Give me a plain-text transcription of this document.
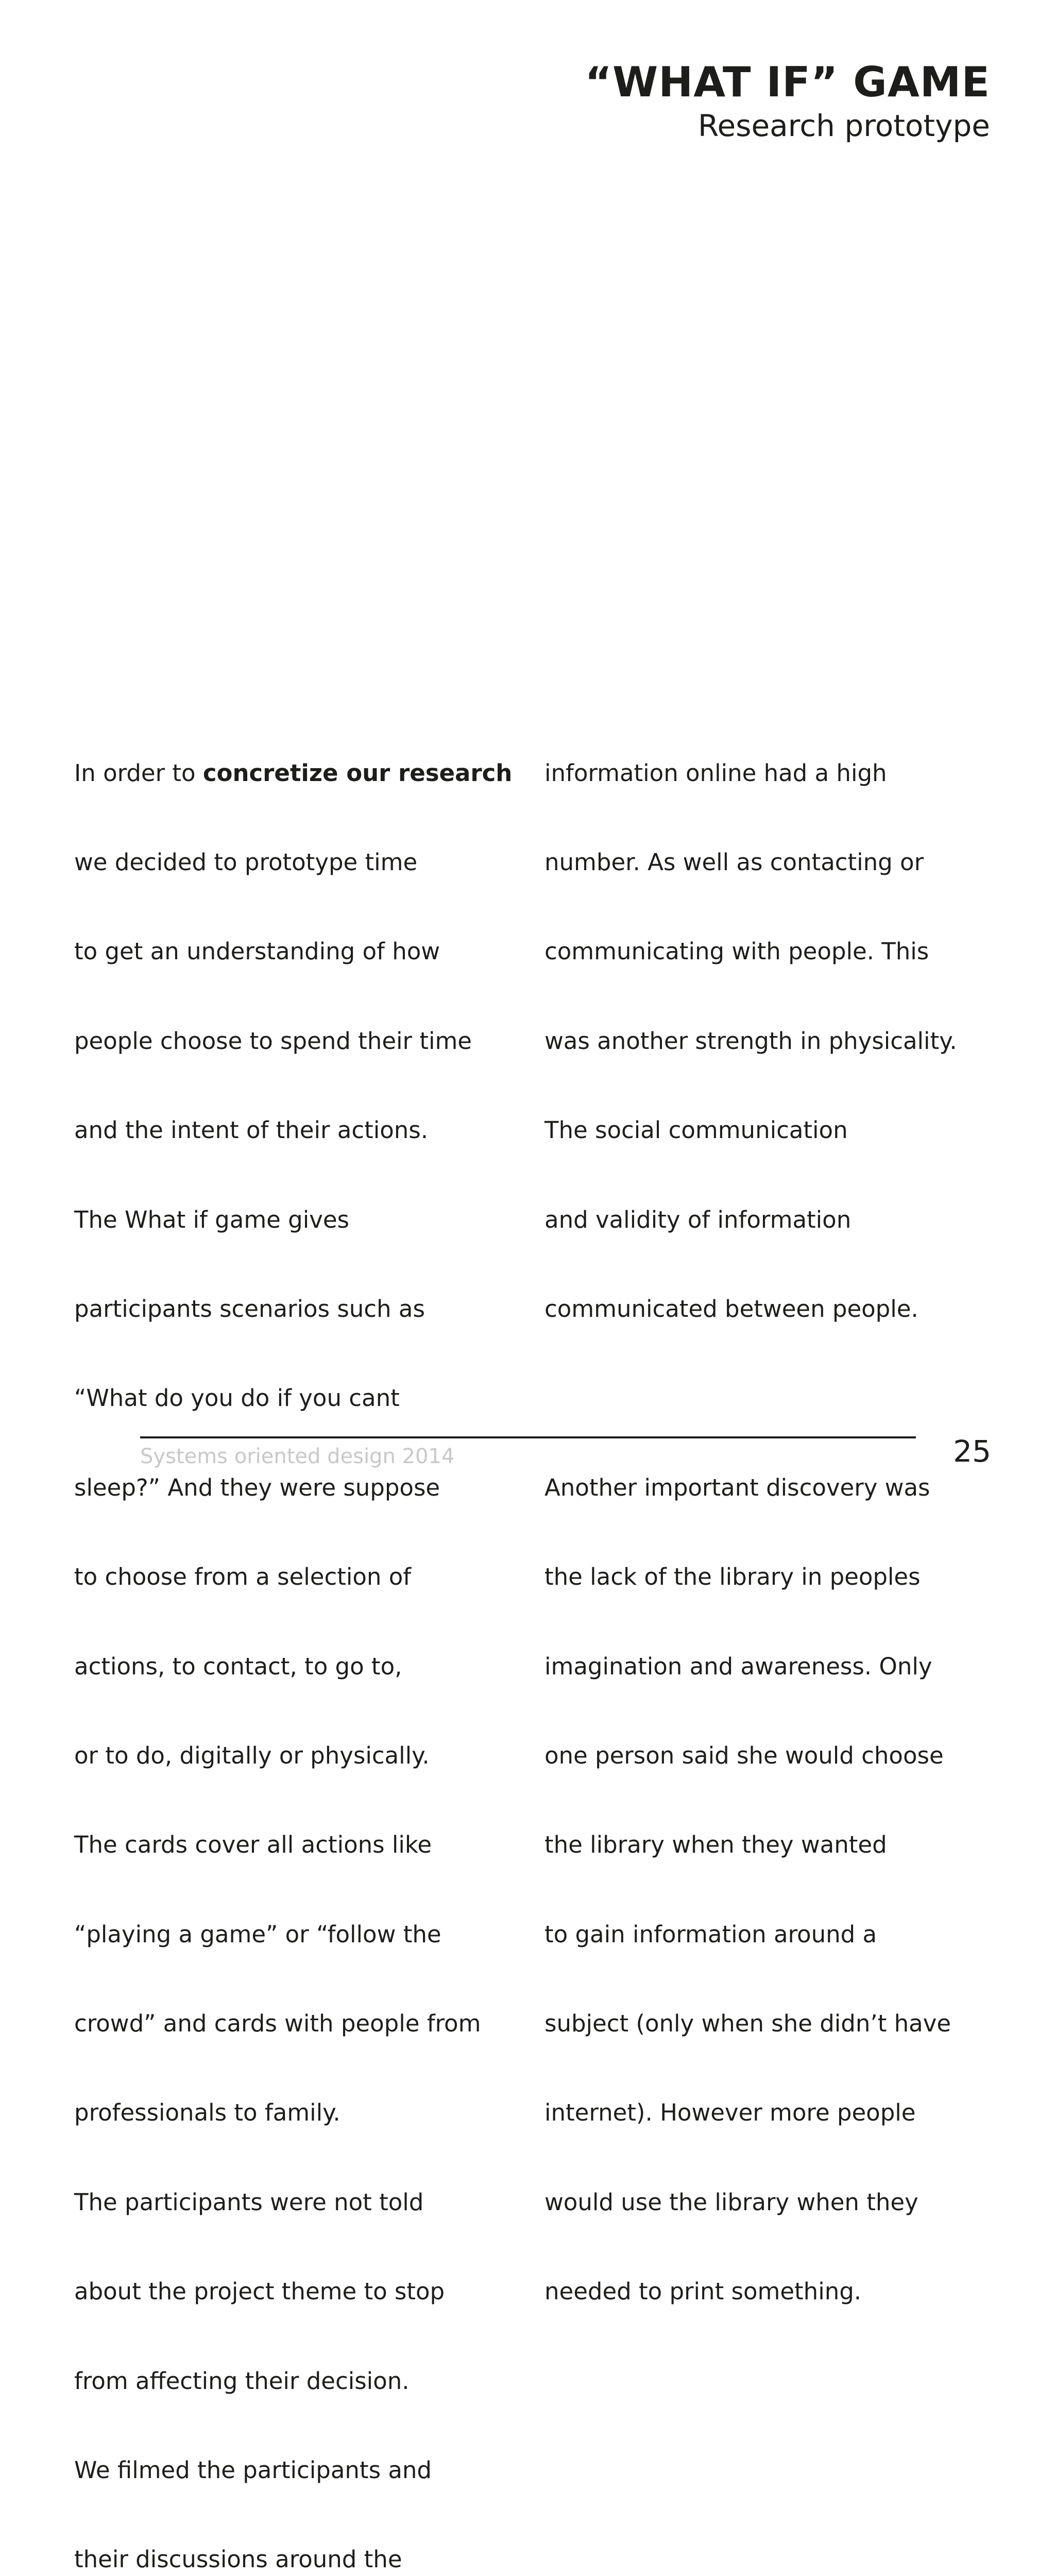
“WHAT IF” GAME
Research prototype

In order to concretize our research

we decided to prototype time

to get an understanding of how

people choose to spend their time

and the intent of their actions.

The What if game gives

participants scenarios such as

“What do you do if you cant

sleep?” And they were suppose

to choose from a selection of

actions, to contact, to go to,

or to do, digitally or physically.

The cards cover all actions like

“playing a game” or “follow the

crowd” and cards with people from

professionals to family.

The participants were not told

about the project theme to stop

from affecting their decision.

We filmed the participants and

their discussions around the

information online had a high

number. As well as contacting or

communicating with people. This

was another strength in physicality.

The social communication

and validity of information

communicated between people.

Another important discovery was

the lack of the library in peoples

imagination and awareness. Only

one person said she would choose

the library when they wanted

to gain information around a

subject (only when she didn’t have

internet). However more people

would use the library when they

needed to print something.

Systems oriented design 2014	25
